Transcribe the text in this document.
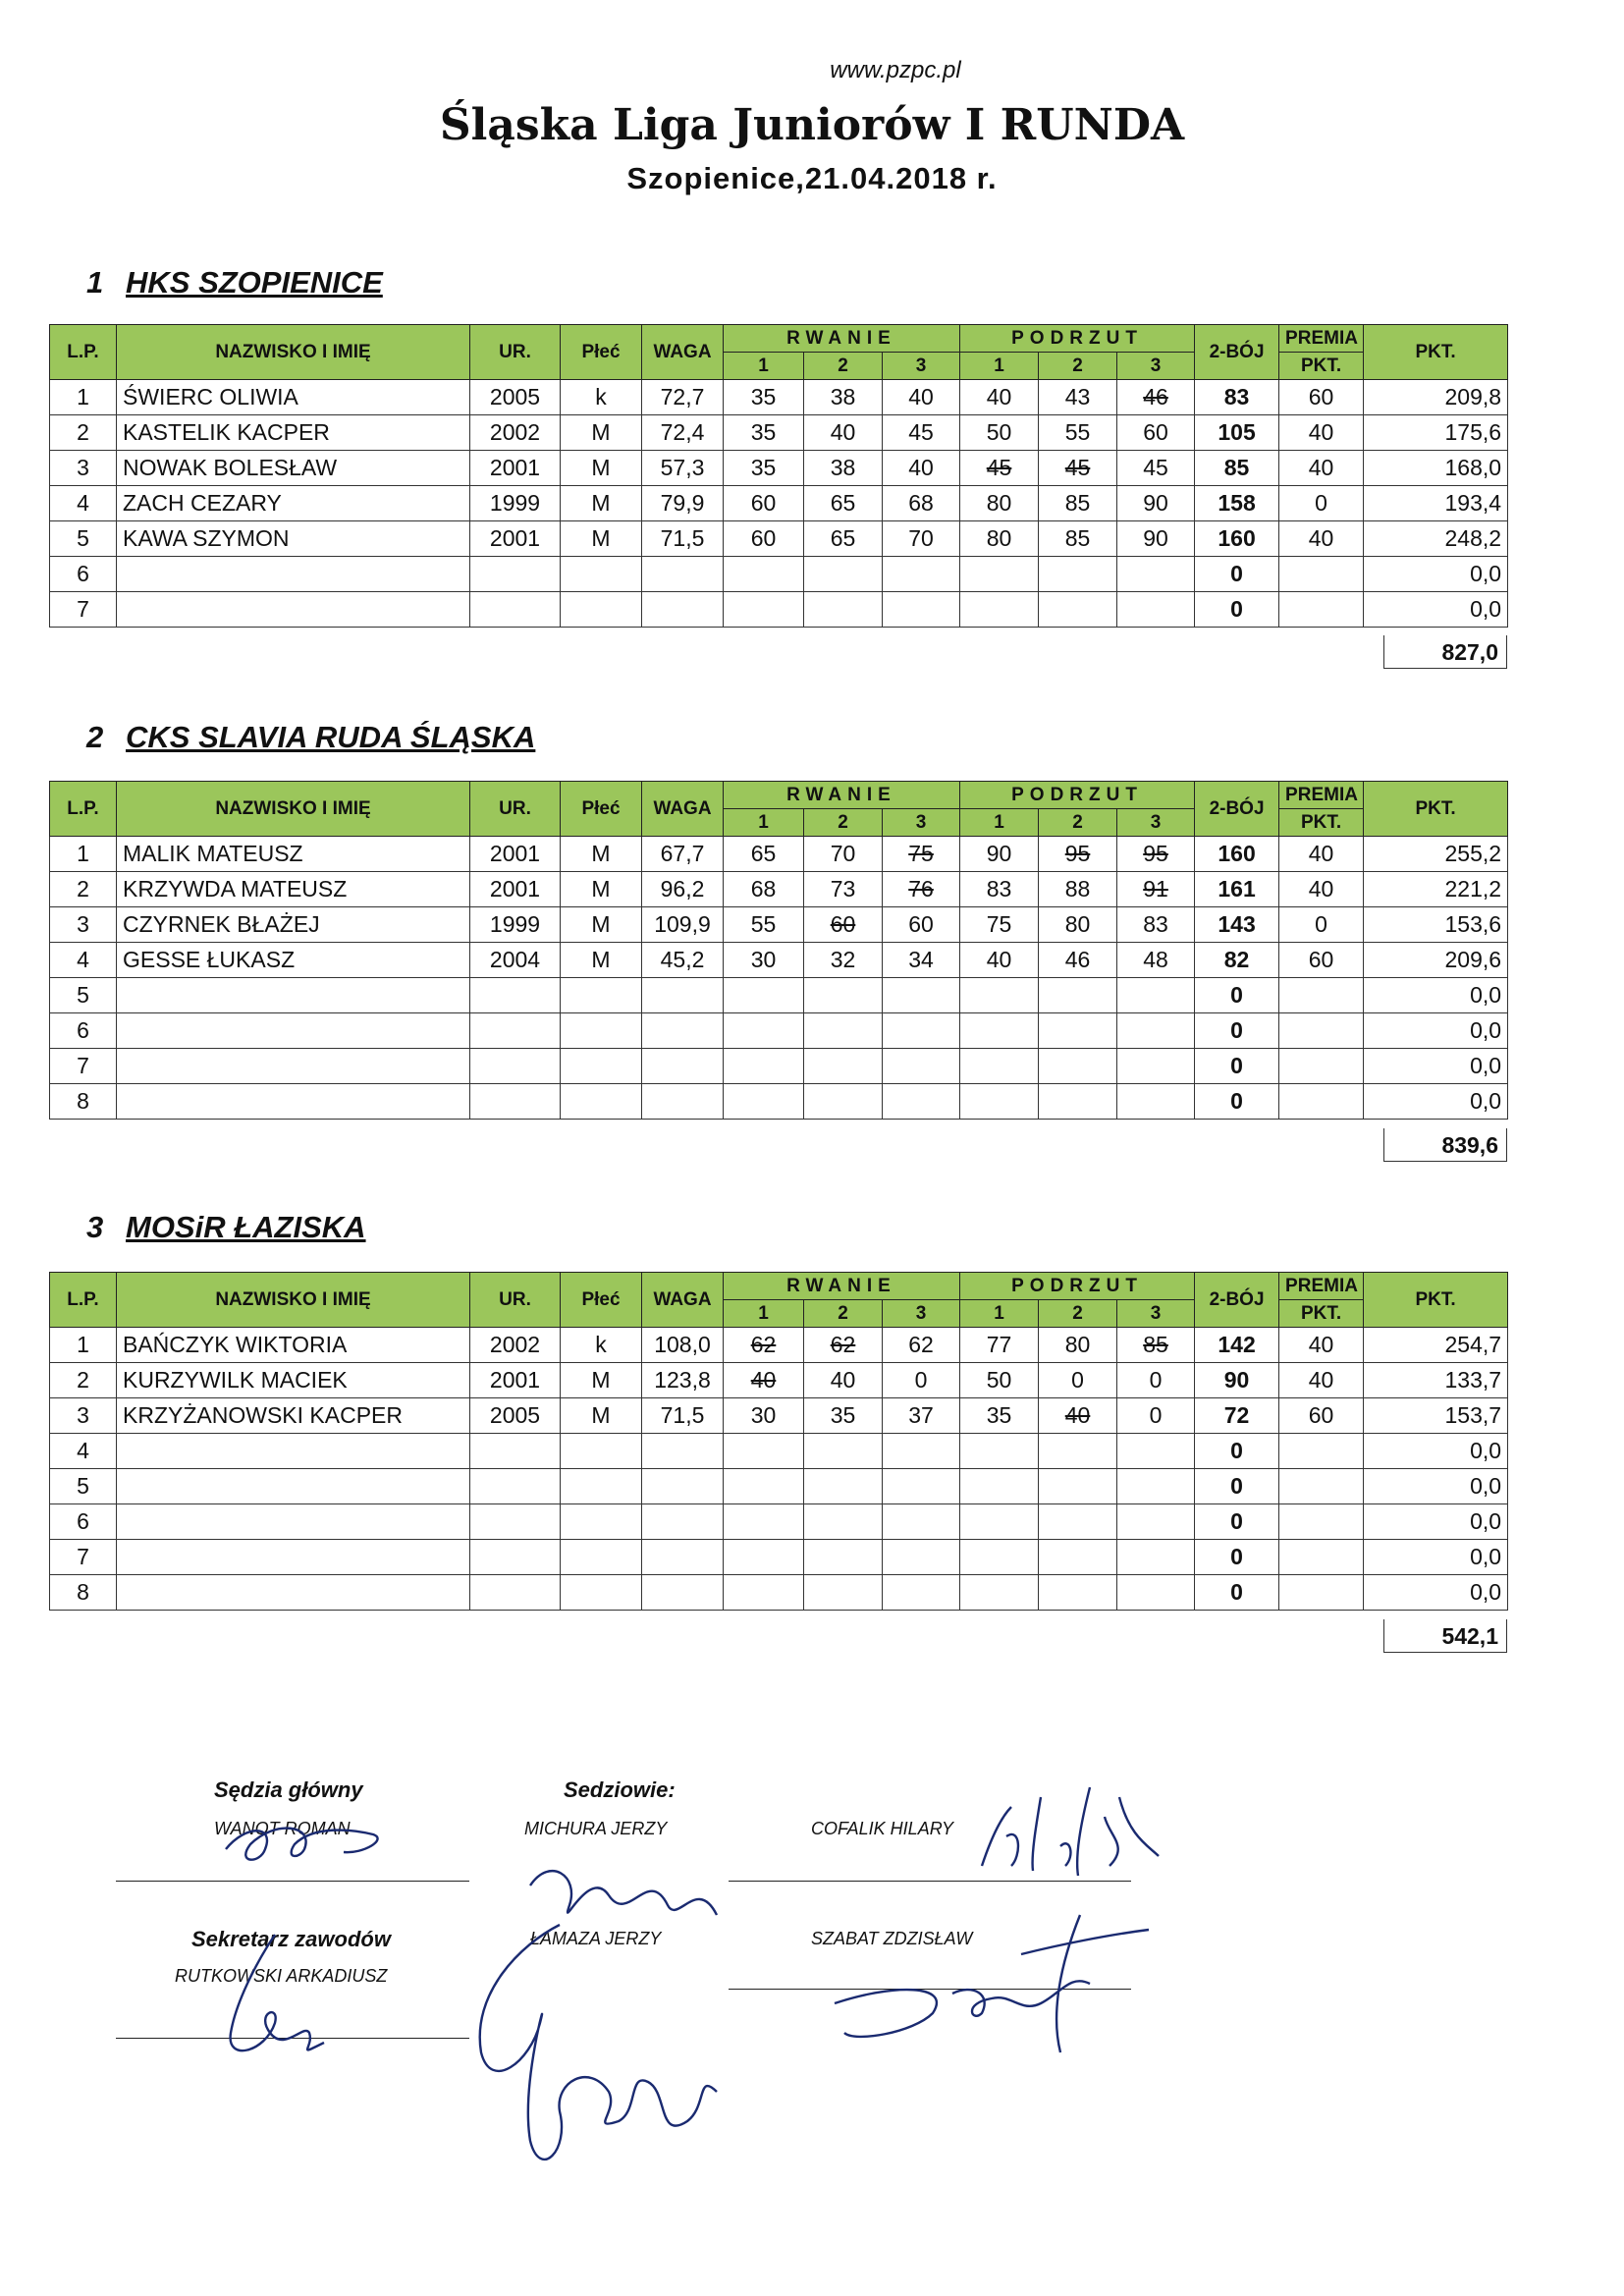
www.pzpc.pl
Śląska Liga Juniorów I RUNDA
Szopienice,21.04.2018 r.
1 HKS SZOPIENICE
L.P.	NAZWISKO I IMIĘ	UR.	Płeć	WAGA	RWANIE			PODRZUT			2-BÓJ	PREMIA	PKT.
					1	2	3	1	2	3		PKT.	
1	ŚWIERC OLIWIA	2005	k	72,7	35	38	40	40	43	46	83	60	209,8
2	KASTELIK KACPER	2002	M	72,4	35	40	45	50	55	60	105	40	175,6
3	NOWAK BOLESŁAW	2001	M	57,3	35	38	40	45	45	45	85	40	168,0
4	ZACH CEZARY	1999	M	79,9	60	65	68	80	85	90	158	0	193,4
5	KAWA SZYMON	2001	M	71,5	60	65	70	80	85	90	160	40	248,2
6											0		0,0
7											0		0,0
827,0
2 CKS SLAVIA RUDA ŚLĄSKA
L.P.	NAZWISKO I IMIĘ	UR.	Płeć	WAGA	RWANIE			PODRZUT			2-BÓJ	PREMIA	PKT.
					1	2	3	1	2	3		PKT.	
1	MALIK MATEUSZ	2001	M	67,7	65	70	75	90	95	95	160	40	255,2
2	KRZYWDA MATEUSZ	2001	M	96,2	68	73	76	83	88	91	161	40	221,2
3	CZYRNEK BŁAŻEJ	1999	M	109,9	55	60	60	75	80	83	143	0	153,6
4	GESSE ŁUKASZ	2004	M	45,2	30	32	34	40	46	48	82	60	209,6
5											0		0,0
6											0		0,0
7											0		0,0
8											0		0,0
839,6
3 MOSiR ŁAZISKA
L.P.	NAZWISKO I IMIĘ	UR.	Płeć	WAGA	RWANIE			PODRZUT			2-BÓJ	PREMIA	PKT.
					1	2	3	1	2	3		PKT.	
1	BAŃCZYK WIKTORIA	2002	k	108,0	62	62	62	77	80	85	142	40	254,7
2	KURZYWILK MACIEK	2001	M	123,8	40	40	0	50	0	0	90	40	133,7
3	KRZYŻANOWSKI KACPER	2005	M	71,5	30	35	37	35	40	0	72	60	153,7
4											0		0,0
5											0		0,0
6											0		0,0
7											0		0,0
8											0		0,0
542,1
Sędzia główny
WANOT ROMAN
Sedziowie:
MICHURA JERZY	COFALIK HILARY
Sekretarz zawodów
RUTKOWSKI ARKADIUSZ
ŁAMAZA JERZY	SZABAT ZDZISŁAW
